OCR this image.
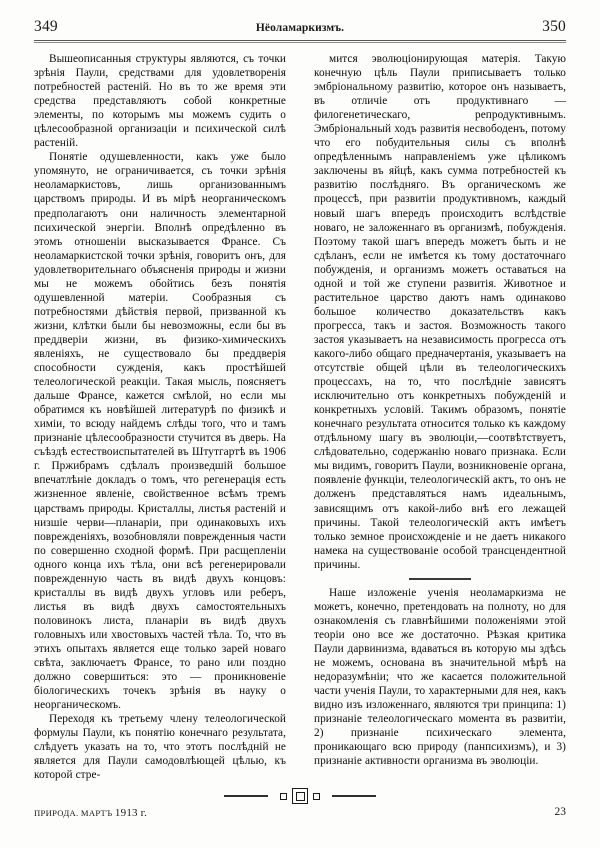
349	Нёоламаркизмъ.	350

Вышеописанныя структуры являются, съ точки зрѣнія Паули, средствами для удовлетворенія потребностей растеній. Но въ то же время эти средства представляютъ собой конкретные элементы, по которымъ мы можемъ судить о цѣлесообразной организаціи и психической силѣ растеній.

Понятіе одушевленности, какъ уже было упомянуто, не ограничивается, съ точки зрѣнія неоламаркистовъ, лишь организованнымъ царствомъ природы. И въ мірѣ неорганическомъ предполагаютъ они наличность элементарной психической энергіи. Вполнѣ опредѣленно въ этомъ отношеніи высказывается Франсе. Съ неоламаркистской точки зрѣнія, говоритъ онъ, для удовлетворительнаго объясненія природы и жизни мы не можемъ обойтись безъ понятія одушевленной матеріи. Сообразныя съ потребностями дѣйствія первой, призванной къ жизни, клѣтки были бы невозможны, если бы въ преддверіи жизни, въ физико-химическихъ явленіяхъ, не существовало бы преддверія способности сужденія, какъ простѣйшей телеологической реакціи. Такая мысль, поясняетъ дальше Франсе, кажется смѣлой, но если мы обратимся къ новѣйшей литературѣ по физикѣ и химіи, то всюду найдемъ слѣды того, что и тамъ признаніе цѣлесообразности стучится въ дверь. На съѣздѣ естествоиспытателей въ Штутгартѣ въ 1906 г. Пржибрамъ сдѣлалъ произведшій большое впечатлѣніе докладъ о томъ, что регенерація есть жизненное явленіе, свойственное всѣмъ тремъ царствамъ природы. Кристаллы, листья растеній и низшіе черви—планаріи, при одинаковыхъ ихъ поврежденіяхъ, возобновляли поврежденныя части по совершенно сходной формѣ. При расщепленіи одного конца ихъ тѣла, они всѣ регенерировали поврежденную часть въ видѣ двухъ концовъ: кристаллы въ видѣ двухъ угловъ или реберъ, листья въ видѣ двухъ самостоятельныхъ половинокъ листа, планаріи въ видѣ двухъ головныхъ или хвостовыхъ частей тѣла. То, что въ этихъ опытахъ является еще только зарей новаго свѣта, заключаетъ Франсе, то рано или поздно должно совершиться: это — проникновеніе біологическихъ точекъ зрѣнія въ науку о неорганическомъ.

Переходя къ третьему члену телеологической формулы Паули, къ понятію конечнаго результата, слѣдуетъ указать на то, что этотъ послѣдній не является для Паули самодовлѣющей цѣлью, къ которой стре-

мится эволюціонирующая матерія. Такую конечную цѣль Паули приписываетъ только эмбріональному развитію, которое онъ называетъ, въ отличіе отъ продуктивнаго — филогенетическаго, репродуктивнымъ. Эмбріональный ходъ развитія несвободенъ, потому что его побудительныя силы съ вполнѣ опредѣленнымъ направленіемъ уже цѣликомъ заключены въ яйцѣ, какъ сумма потребностей къ развитію послѣдняго. Въ органическомъ же процессѣ, при развитіи продуктивномъ, каждый новый шагъ впередъ происходитъ вслѣдствіе новаго, не заложеннаго въ организмѣ, побужденія. Поэтому такой шагъ впередъ можетъ быть и не сдѣланъ, если не имѣется къ тому достаточнаго побужденія, и организмъ можетъ оставаться на одной и той же ступени развитія. Животное и растительное царство даютъ намъ одинаково большое количество доказательствъ какъ прогресса, такъ и застоя. Возможность такого застоя указываетъ на независимость прогресса отъ какого-либо общаго предначертанія, указываетъ на отсутствіе общей цѣли въ телеологическихъ процессахъ, на то, что послѣдніе зависятъ исключительно отъ конкретныхъ побужденій и конкретныхъ условій. Такимъ образомъ, понятіе конечнаго результата относится только къ каждому отдѣльному шагу въ эволюціи,—соотвѣтствуетъ, слѣдовательно, содержанію новаго признака. Если мы видимъ, говоритъ Паули, возникновеніе органа, появленіе функціи, телеологическій актъ, то онъ не долженъ представляться намъ идеальнымъ, зависящимъ отъ какой-либо внѣ его лежащей причины. Такой телеологическій актъ имѣетъ только земное происхожденіе и не даетъ никакого намека на существованіе особой трансцендентной причины.

Наше изложеніе ученія неоламаркизма не можетъ, конечно, претендовать на полноту, но для ознакомленія съ главнѣйшими положеніями этой теоріи оно все же достаточно. Рѣзкая критика Паули дарвинизма, вдаваться въ которую мы здѣсь не можемъ, основана въ значительной мѣрѣ на недоразумѣніи; что же касается положительной части ученія Паули, то характерными для нея, какъ видно изъ изложеннаго, являются три принципа: 1) признаніе телеологическаго момента въ развитіи, 2) признаніе психическаго элемента, проникающаго всю природу (панпсихизмъ), и 3) признаніе активности организма въ эволюціи.

ПРИРОДА. МАРТЪ 1913 г.	23
